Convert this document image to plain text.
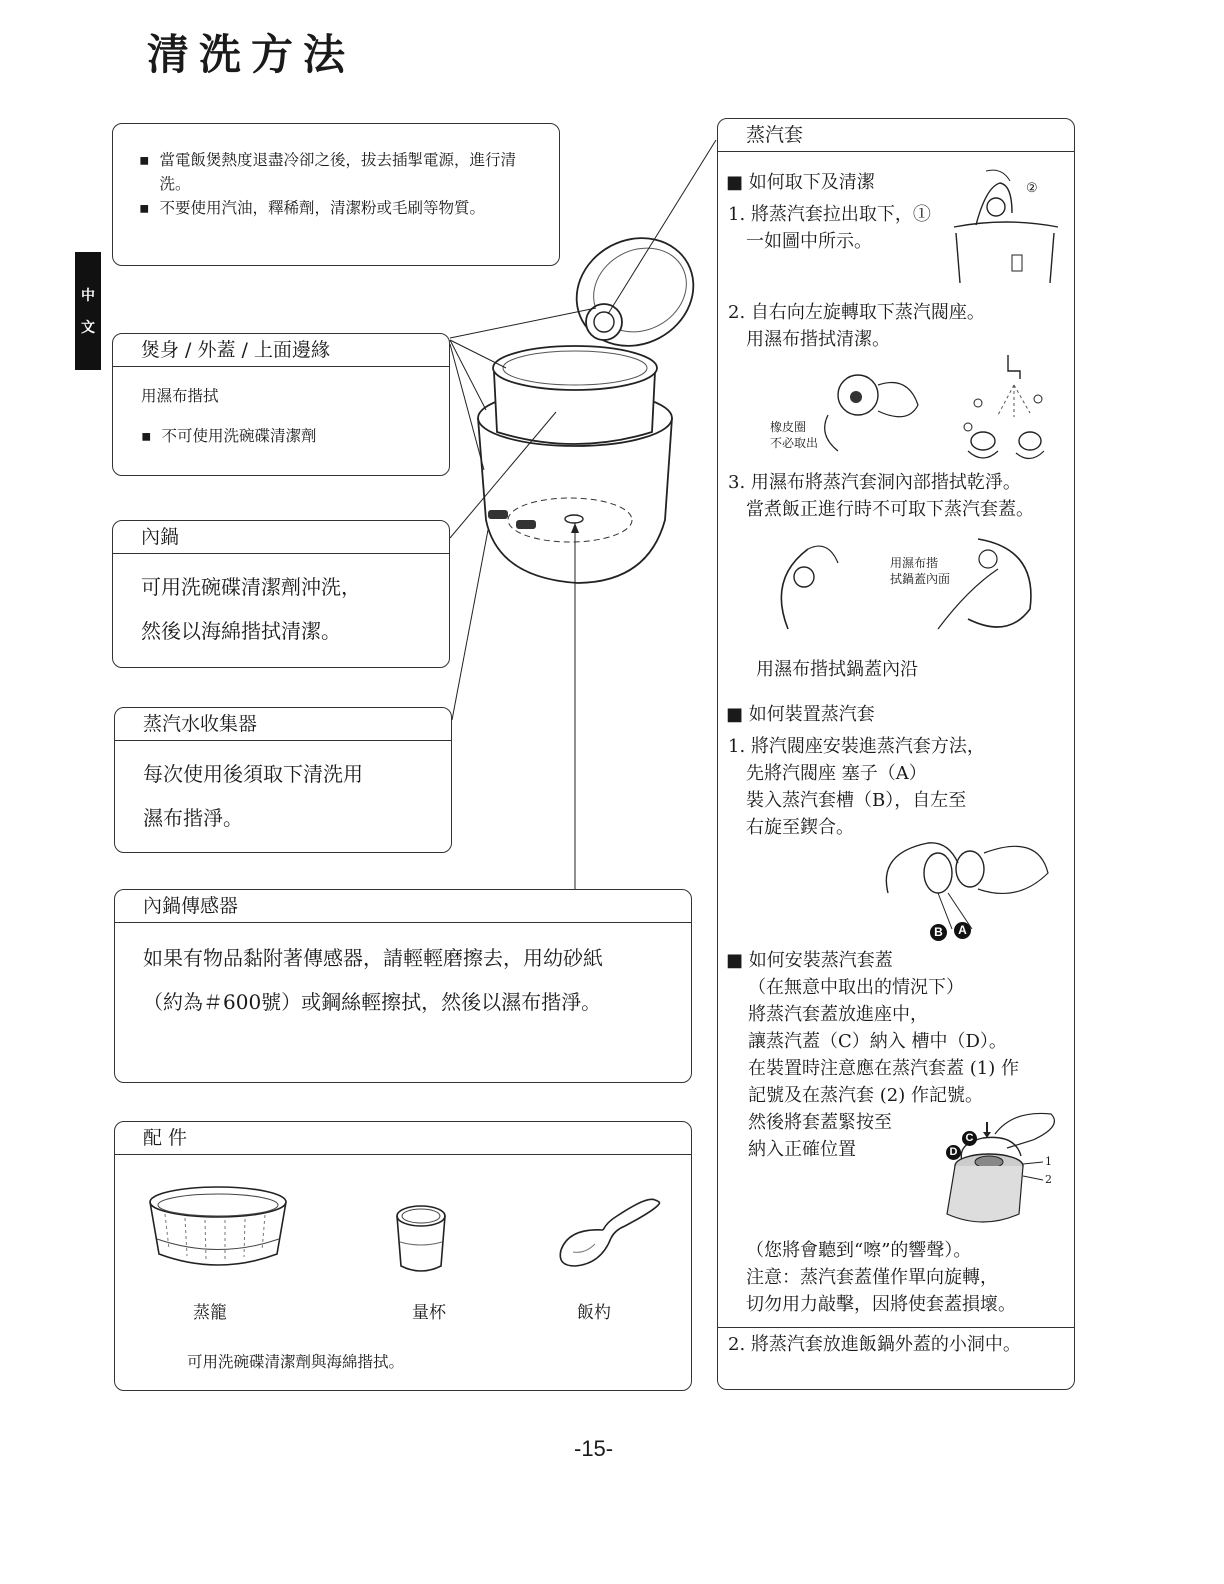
清洗方法
中
文
▪ 當電飯煲熱度退盡冷卻之後，拔去插掣電源，進行清洗。
▪ 不要使用汽油，釋稀劑，清潔粉或毛刷等物質。
煲身 / 外蓋 / 上面邊緣
用濕布揩拭
▪ 不可使用洗碗碟清潔劑
內鍋
可用洗碗碟清潔劑沖洗，
然後以海綿揩拭清潔。
蒸汽水收集器
每次使用後須取下清洗用
濕布揩淨。
內鍋傳感器
如果有物品黏附著傳感器，請輕輕磨擦去，用幼砂紙
（約為＃600號）或鋼絲輕擦拭，然後以濕布揩淨。
配 件
蒸籠	量杯	飯杓
可用洗碗碟清潔劑與海綿揩拭。
蒸汽套
■ 如何取下及清潔
1. 將蒸汽套拉出取下，①
一如圖中所示。
②
2. 自右向左旋轉取下蒸汽閥座。
用濕布揩拭清潔。
橡皮圈
不必取出
3. 用濕布將蒸汽套洞內部揩拭乾淨。
當煮飯正進行時不可取下蒸汽套蓋。
用濕布揩
拭鍋蓋內面
用濕布揩拭鍋蓋內沿
■ 如何裝置蒸汽套
1. 將汽閥座安裝進蒸汽套方法，
先將汽閥座 塞子（A）
裝入蒸汽套槽（B），自左至
右旋至鍥合。
B	A
■ 如何安裝蒸汽套蓋
（在無意中取出的情況下）
將蒸汽套蓋放進座中，
讓蒸汽蓋（C）納入 槽中（D）。
在裝置時注意應在蒸汽套蓋 (1) 作
記號及在蒸汽套 (2) 作記號。
然後將套蓋緊按至
納入正確位置	D
C
1
2
（您將會聽到“嚓”的響聲）。
注意：蒸汽套蓋僅作單向旋轉，
切勿用力敲擊，因將使套蓋損壞。
2. 將蒸汽套放進飯鍋外蓋的小洞中。
-15-
